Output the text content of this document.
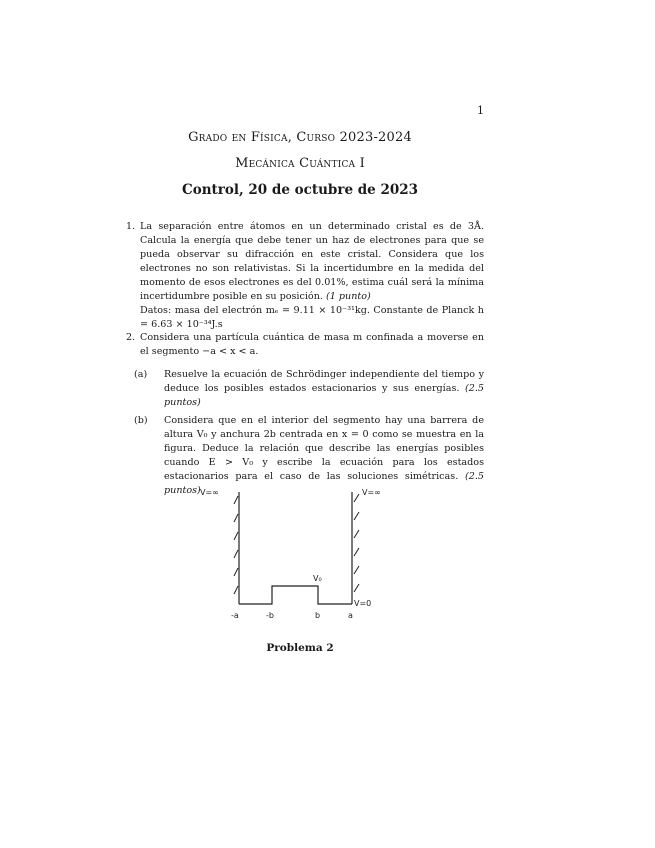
1
Grado en Física, Curso 2023-2024
Mecánica Cuántica I
Control, 20 de octubre de 2023
1. La separación entre átomos en un determinado cristal es de 3Å. Calcula la energía que debe tener un haz de electrones para que se pueda observar su difracción en este cristal. Considera que los electrones no son relativistas. Si la incertidumbre en la medida del momento de esos electrones es del 0.01%, estima cuál será la mínima incertidumbre posible en su posición. (1 punto)
Datos: masa del electrón mₑ = 9.11 × 10⁻³¹kg. Constante de Planck h = 6.63 × 10⁻³⁴J.s
2. Considera una partícula cuántica de masa m confinada a moverse en el segmento −a < x < a.
(a) Resuelve la ecuación de Schrödinger independiente del tiempo y deduce los posibles estados estacionarios y sus energías. (2.5 puntos)
(b) Considera que en el interior del segmento hay una barrera de altura V₀ y anchura 2b centrada en x = 0 como se muestra en la figura. Deduce la relación que describe las energías posibles cuando E > V₀ y escribe la ecuación para los estados estacionarios para el caso de las soluciones simétricas. (2.5 puntos) V=∞	V=∞
V₀
V=0
-a	-b	b	a
Problema 2
